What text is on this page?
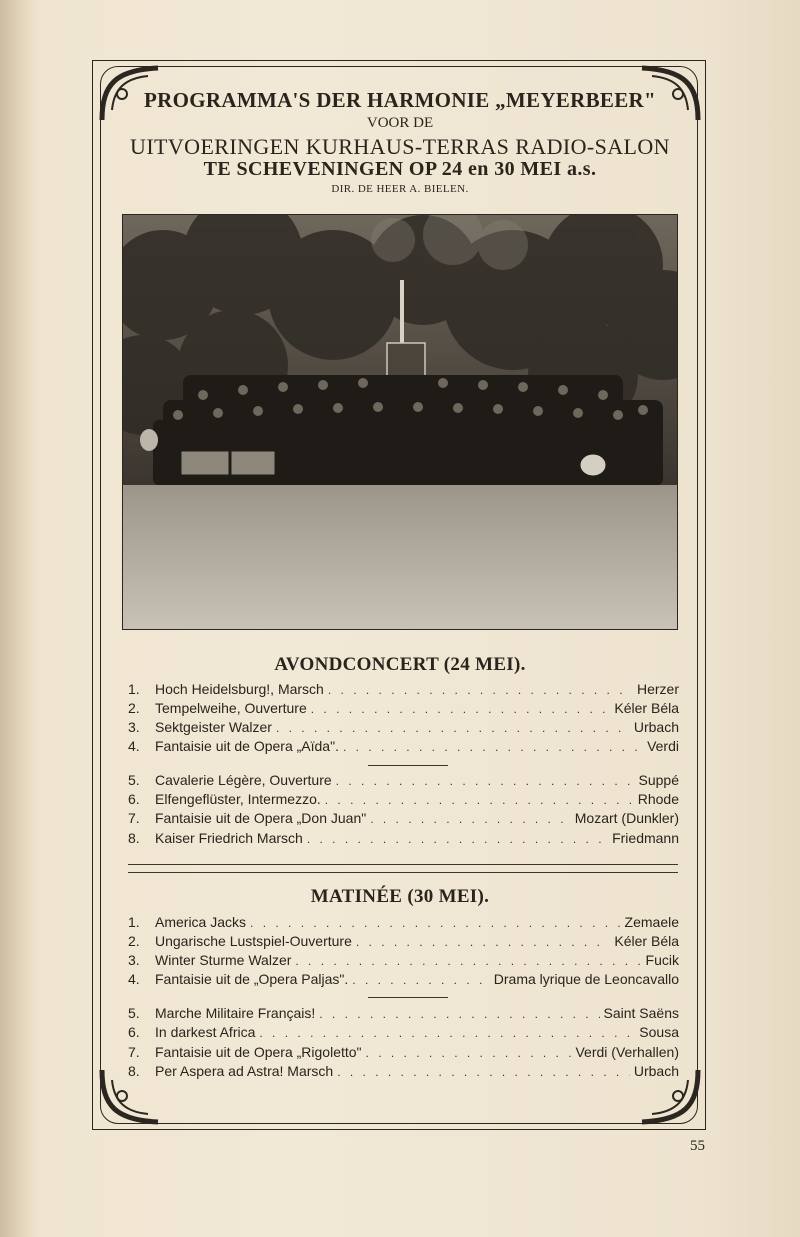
PROGRAMMA'S DER HARMONIE „MEYERBEER"
VOOR DE
UITVOERINGEN KURHAUS-TERRAS RADIO-SALON
TE SCHEVENINGEN OP 24 en 30 MEI a.s.
DIR. DE HEER A. BIELEN.
AVONDCONCERT (24 MEI).
1.	Hoch Heidelsburg!, Marsch . . .	Herzer
2.	Tempelweihe, Ouverture . . .	Kéler Béla
3.	Sektgeister Walzer . . .	Urbach
4.	Fantaisie uit de Opera „Aïda". . . .	Verdi
5.	Cavalerie Légère, Ouverture . . .	Suppé
6.	Elfengeflüster, Intermezzo. . . .	Rhode
7.	Fantaisie uit de Opera „Don Juan" . . .	Mozart (Dunkler)
8.	Kaiser Friedrich Marsch . . .	Friedmann
MATINÉE (30 MEI).
1.	America Jacks . . .	Zemaele
2.	Ungarische Lustspiel-Ouverture . . .	Kéler Béla
3.	Winter Sturme Walzer . . .	Fucik
4.	Fantaisie uit de „Opera Paljas". . . .	Drama lyrique de Leoncavallo
5.	Marche Militaire Français! . . .	Saint Saëns
6.	In darkest Africa . . .	Sousa
7.	Fantaisie uit de Opera „Rigoletto" . . .	Verdi (Verhallen)
8.	Per Aspera ad Astra! Marsch . . .	Urbach
55
